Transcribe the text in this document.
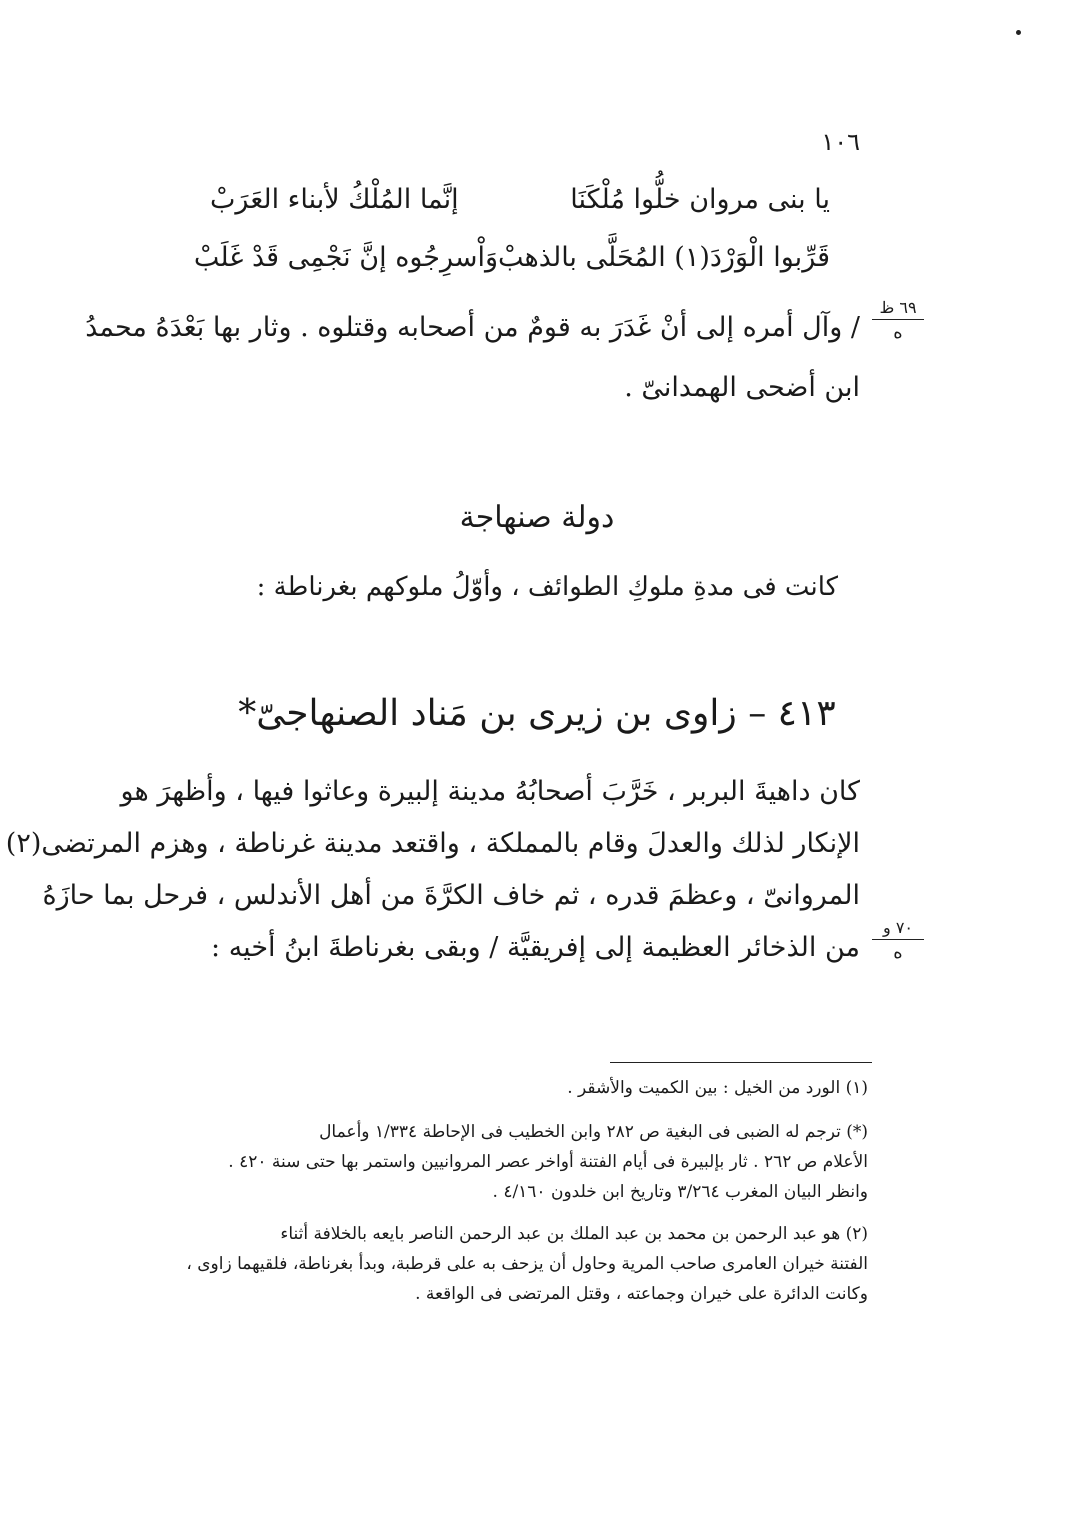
١٠٦
يا بنى مروان خلُّوا مُلْكَنَا
إنَّما المُلْكُ لأبناء العَرَبْ
قَرِّبوا الْوَرْدَ(١) المُحَلَّى بالذهبْ
وَاْسرِجُوه إنَّ نَجْمِى قَدْ غَلَبْ
/ وآل أمره إلى أنْ غَدَرَ به قومٌ من أصحابه وقتلوه . وثار بها بَعْدَهُ محمدُ
ابن أضحى الهمدانىّ .
٦٩ ظ
ه
دولة صنهاجة
كانت فى مدةِ ملوكِ الطوائف ، وأوّلُ ملوكهم بغرناطة :
٤١٣ – زاوى بن زيرى بن مَناد الصنهاجىّ*
كان داهيةَ البربر ، خَرَّبَ أصحابُهُ مدينة إلبيرة وعاثوا فيها ، وأظهرَ هو
الإنكار لذلك والعدلَ وقام بالمملكة ، واقتعد مدينة غرناطة ، وهزم المرتضى(٢)
المروانىّ ، وعظمَ قدره ، ثم خاف الكرَّةَ من أهل الأندلس ، فرحل بما حازَهُ
من الذخائر العظيمة إلى إفريقيَّة / وبقى بغرناطةَ ابنُ أخيه :
٧٠ و
ه
(١) الورد من الخيل : بين الكميت والأشقر .
(*) ترجم له الضبى فى البغية ص ٢٨٢ وابن الخطيب فى الإحاطة ١/٣٣٤ وأعمال
الأعلام ص ٢٦٢ . ثار بإلبيرة فى أيام الفتنة أواخر عصر المروانيين واستمر بها حتى سنة ٤٢٠ .
وانظر البيان المغرب ٣/٢٦٤ وتاريخ ابن خلدون ٤/١٦٠ .
(٢) هو عبد الرحمن بن محمد بن عبد الملك بن عبد الرحمن الناصر بايعه بالخلافة أثناء
الفتنة خيران العامرى صاحب المرية وحاول أن يزحف به على قرطبة، وبدأ بغرناطة، فلقيهما زاوى ،
وكانت الدائرة على خيران وجماعته ، وقتل المرتضى فى الواقعة .
